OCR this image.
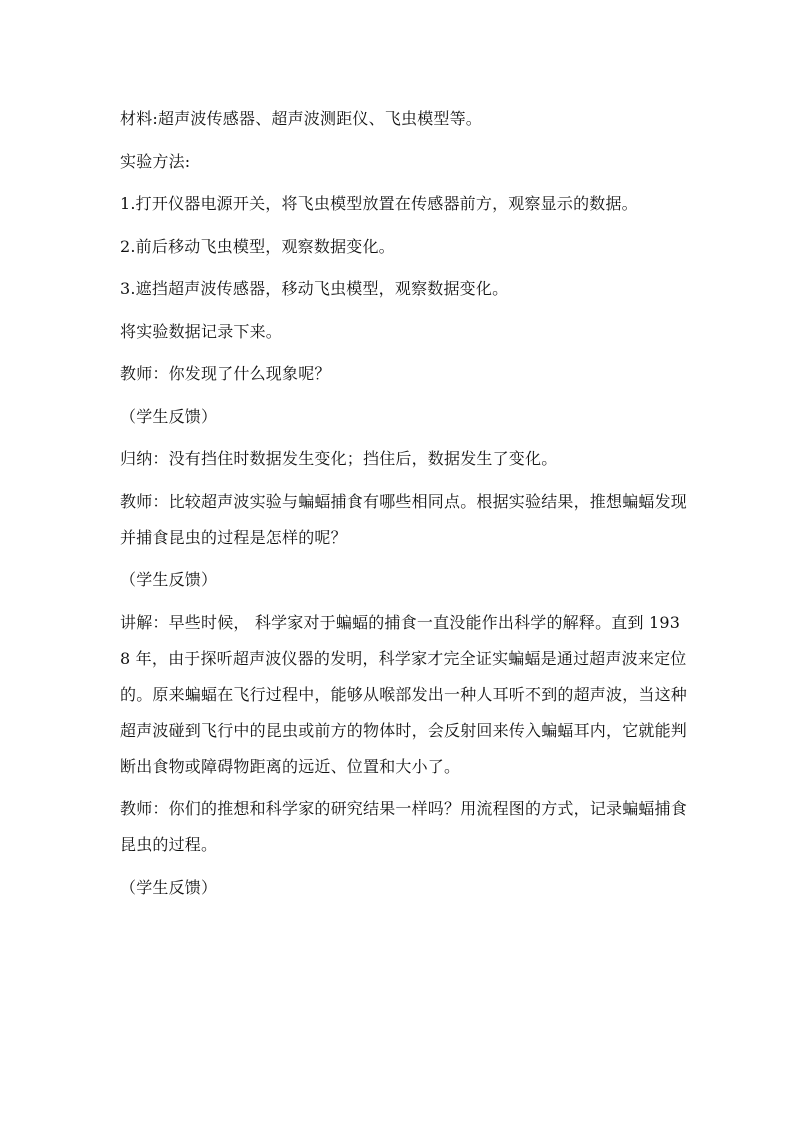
材料:超声波传感器、超声波测距仪、飞虫模型等。

实验方法:

1.打开仪器电源开关，将飞虫模型放置在传感器前方，观察显示的数据。

2.前后移动飞虫模型，观察数据变化。

3.遮挡超声波传感器，移动飞虫模型，观察数据变化。

将实验数据记录下来。

教师：你发现了什么现象呢？

（学生反馈）

归纳：没有挡住时数据发生变化；挡住后，数据发生了变化。

教师：比较超声波实验与蝙蝠捕食有哪些相同点。根据实验结果，推想蝙蝠发现并捕食昆虫的过程是怎样的呢？

（学生反馈）

讲解：早些时候， 科学家对于蝙蝠的捕食一直没能作出科学的解释。直到 1938 年，由于探听超声波仪器的发明，科学家才完全证实蝙蝠是通过超声波来定位的。原来蝙蝠在飞行过程中，能够从喉部发出一种人耳听不到的超声波，当这种超声波碰到飞行中的昆虫或前方的物体时，会反射回来传入蝙蝠耳内，它就能判断出食物或障碍物距离的远近、位置和大小了。

教师：你们的推想和科学家的研究结果一样吗？用流程图的方式，记录蝙蝠捕食昆虫的过程。

（学生反馈）
